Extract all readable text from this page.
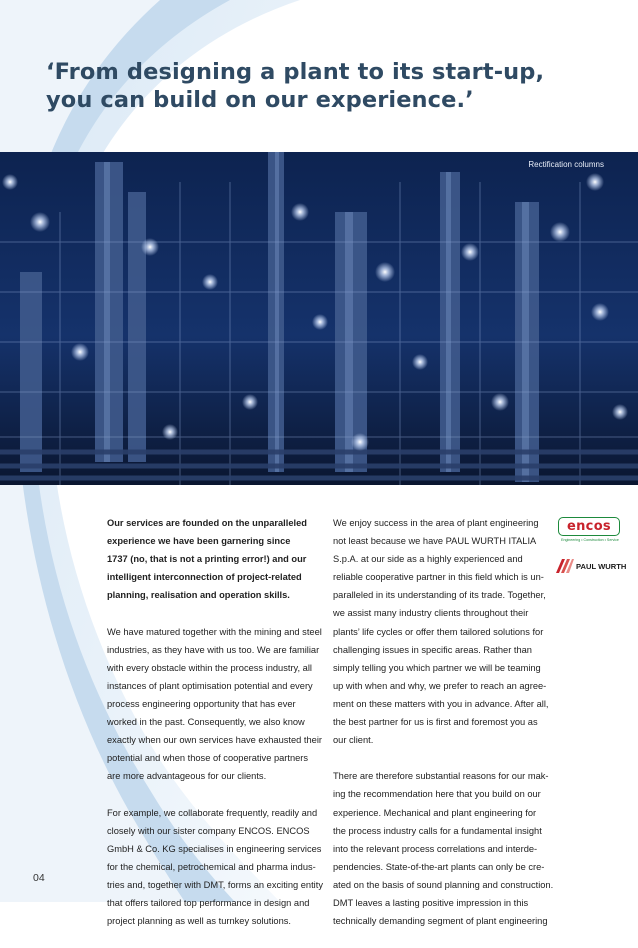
‘From designing a plant to its start-up,
you can build on our experience.’
Rectification columns

Our services are founded on the unparalleled
experience we have been garnering since
1737 (no, that is not a printing error!) and our
intelligent interconnection of project-related
planning, realisation and operation skills.

We have matured together with the mining and steel
industries, as they have with us too. We are familiar
with every obstacle within the process industry, all
instances of plant optimisation potential and every
process engineering opportunity that has ever
worked in the past. Consequently, we also know
exactly when our own services have exhausted their
potential and when those of cooperative partners
are more advantageous for our clients.

For example, we collaborate frequently, readily and
closely with our sister company ENCOS. ENCOS
GmbH & Co. KG specialises in engineering services
for the chemical, petrochemical and pharma indus-
tries and, together with DMT, forms an exciting entity
that offers tailored top performance in design and
project planning as well as turnkey solutions.

We enjoy success in the area of plant engineering
not least because we have PAUL WURTH ITALIA
S.p.A. at our side as a highly experienced and
reliable cooperative partner in this field which is un-
paralleled in its understanding of its trade. Together,
we assist many industry clients throughout their
plants’ life cycles or offer them tailored solutions for
challenging issues in specific areas. Rather than
simply telling you which partner we will be teaming
up with when and why, we prefer to reach an agree-
ment on these matters with you in advance. After all,
the best partner for us is first and foremost you as
our client.

There are therefore substantial reasons for our mak-
ing the recommendation here that you build on our
experience. Mechanical and plant engineering for
the process industry calls for a fundamental insight
into the relevant process correlations and interde-
pendencies. State-of-the-art plants can only be cre-
ated on the basis of sound planning and construction.
DMT leaves a lasting positive impression in this
technically demanding segment of plant engineering

encos
Engineering • Construction • Service
PAUL WURTH
04
